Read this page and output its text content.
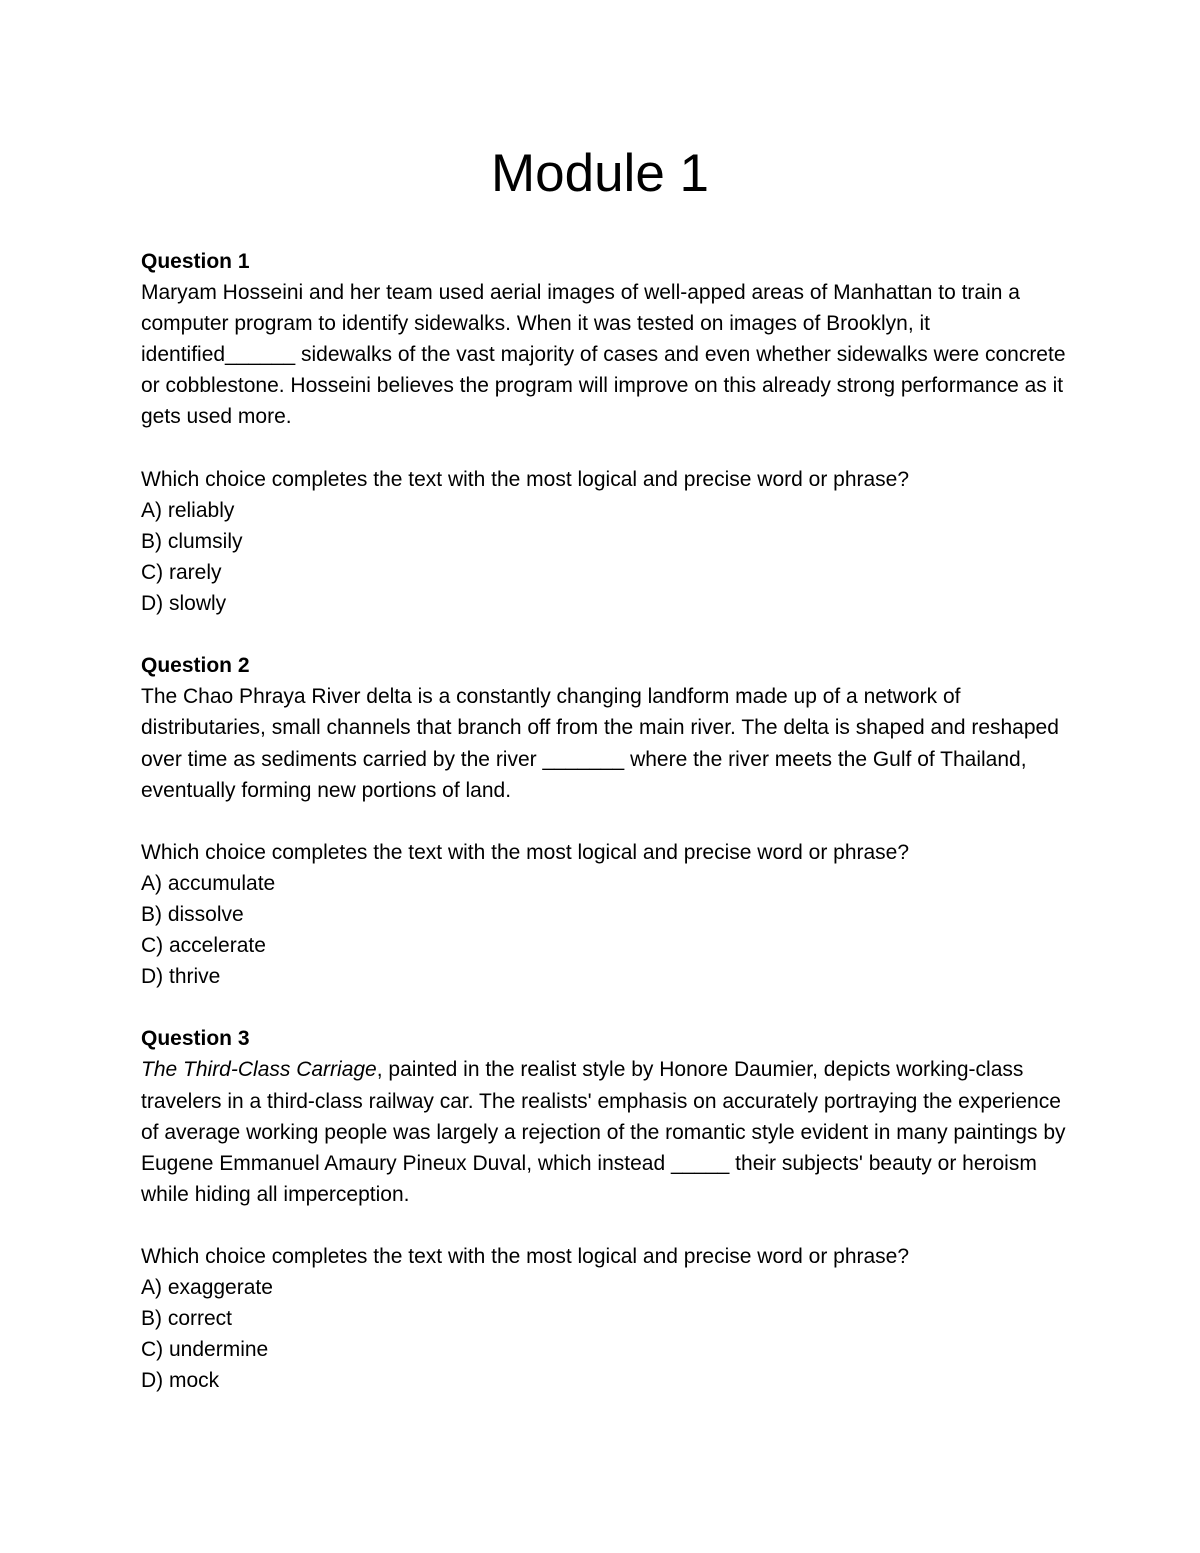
Module 1

Question 1

Maryam Hosseini and her team used aerial images of well-apped areas of Manhattan to train a computer program to identify sidewalks. When it was tested on images of Brooklyn, it identified______ sidewalks of the vast majority of cases and even whether sidewalks were concrete or cobblestone. Hosseini believes the program will improve on this already strong performance as it gets used more.

Which choice completes the text with the most logical and precise word or phrase?

A) reliably
B) clumsily
C) rarely
D) slowly

Question 2

The Chao Phraya River delta is a constantly changing landform made up of a network of distributaries, small channels that branch off from the main river. The delta is shaped and reshaped over time as sediments carried by the river _______ where the river meets the Gulf of Thailand, eventually forming new portions of land.

Which choice completes the text with the most logical and precise word or phrase?

A) accumulate
B) dissolve
C) accelerate
D) thrive

Question 3

The Third-Class Carriage, painted in the realist style by Honore Daumier, depicts working-class travelers in a third-class railway car. The realists' emphasis on accurately portraying the experience of average working people was largely a rejection of the romantic style evident in many paintings by Eugene Emmanuel Amaury Pineux Duval, which instead _____ their subjects' beauty or heroism while hiding all imperception.

Which choice completes the text with the most logical and precise word or phrase?

A) exaggerate
B) correct
C) undermine
D) mock
